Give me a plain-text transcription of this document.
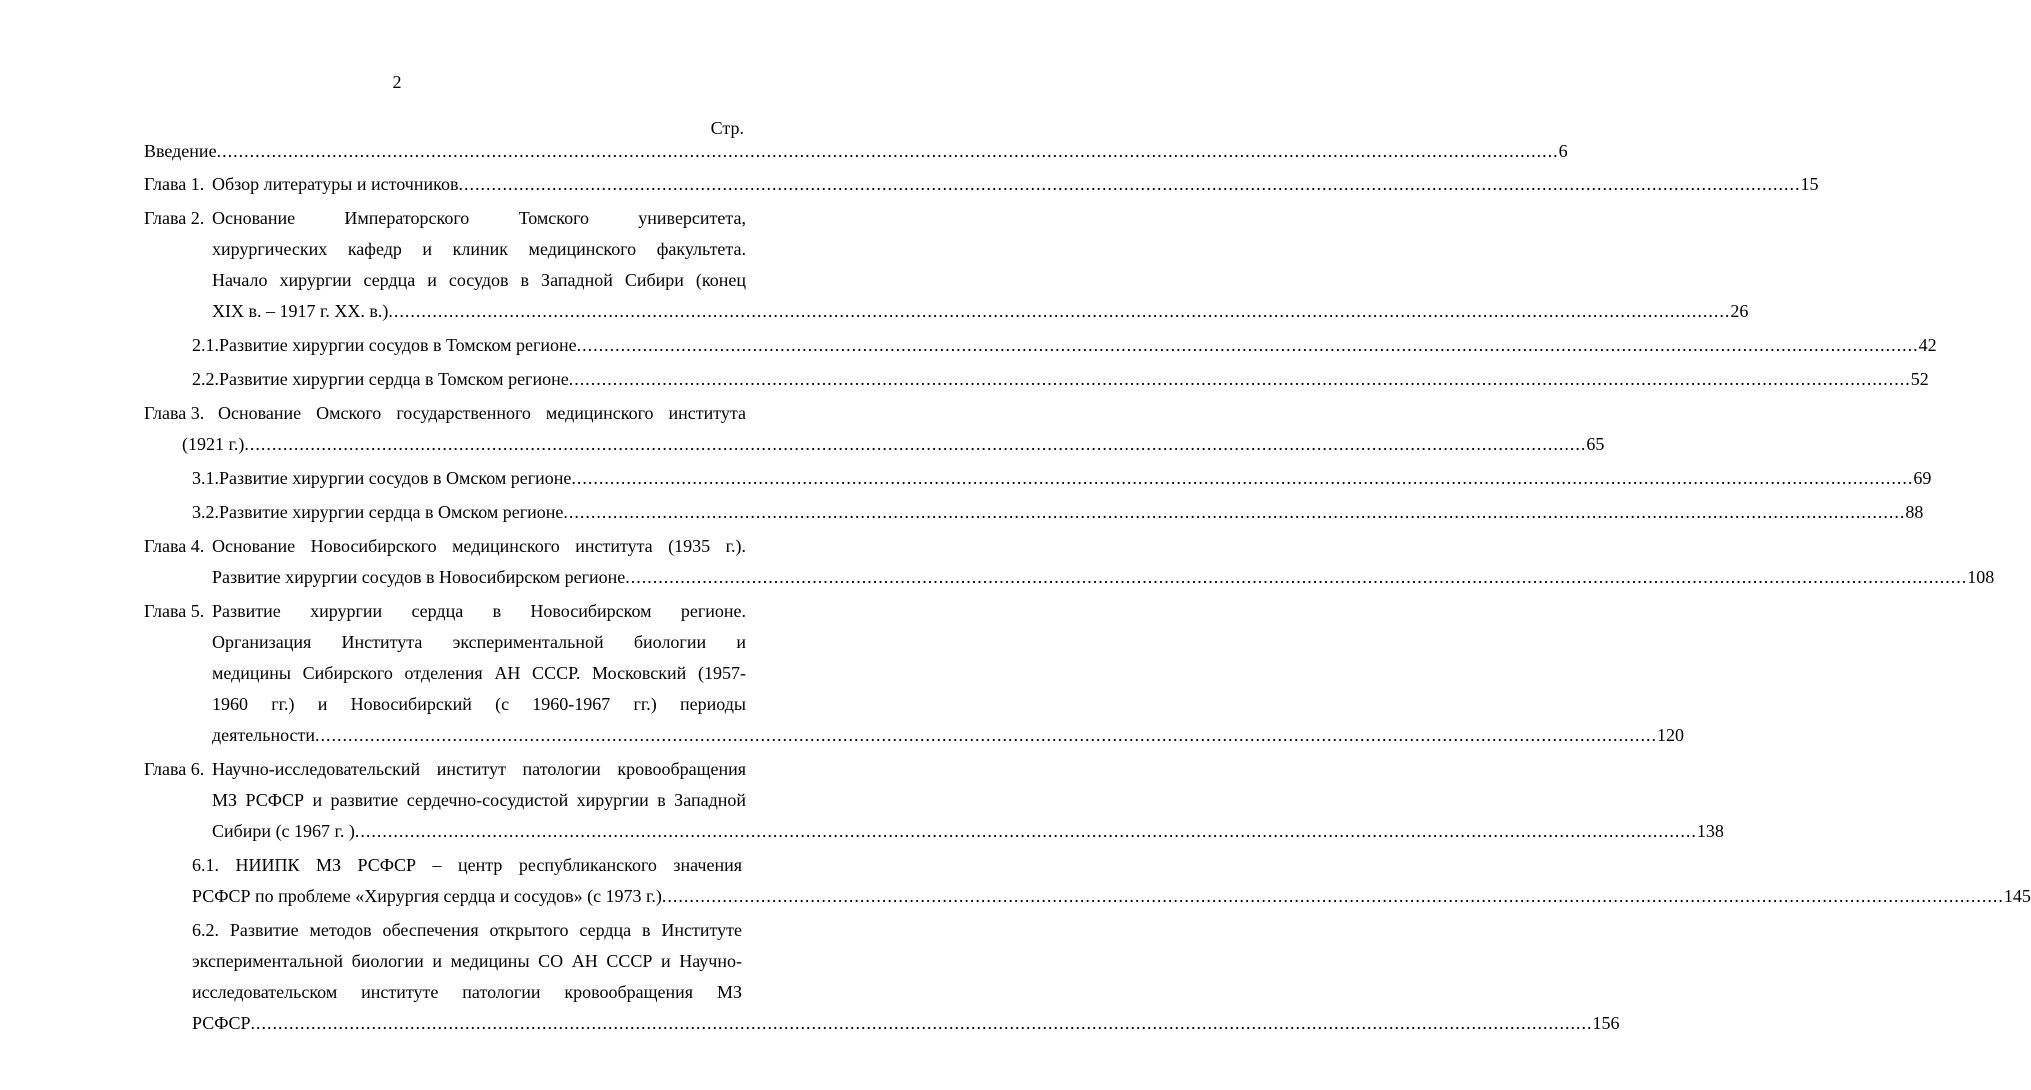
2
Стр.
Введение .....	6
Глава 1. Обзор литературы и источников .....	15
Глава 2. Основание Императорского Томского университета,
хирургических кафедр и клиник медицинского факультета.
Начало хирургии сердца и сосудов в Западной Сибири (конец
XIX в. – 1917 г. XX. в.) .....	26
2.1.Развитие хирургии сосудов в Томском регионе .....	42
2.2.Развитие хирургии сердца в Томском регионе .....	52
Глава 3. Основание Омского государственного медицинского института
(1921 г.) .....	65
3.1.Развитие хирургии сосудов в Омском регионе .....	69
3.2.Развитие хирургии сердца в Омском регионе .....	88
Глава 4. Основание Новосибирского медицинского института (1935 г.).
Развитие хирургии сосудов в Новосибирском регионе .....	108
Глава 5. Развитие хирургии сердца в Новосибирском регионе.
Организация Института экспериментальной биологии и
медицины Сибирского отделения АН СССР. Московский (1957-
1960 гг.) и Новосибирский (с 1960-1967 гг.) периоды
деятельности .....	120
Глава 6. Научно-исследовательский институт патологии кровообращения
МЗ РСФСР и развитие сердечно-сосудистой хирургии в Западной
Сибири (с 1967 г. ) .....	138
6.1. НИИПК МЗ РСФСР – центр республиканского значения
РСФСР по проблеме «Хирургия сердца и сосудов» (с 1973 г.) .....	145
6.2. Развитие методов обеспечения открытого сердца в Институте
экспериментальной биологии и медицины СО АН СССР и Научно-
исследовательском институте патологии кровообращения МЗ
РСФСР .....	156
